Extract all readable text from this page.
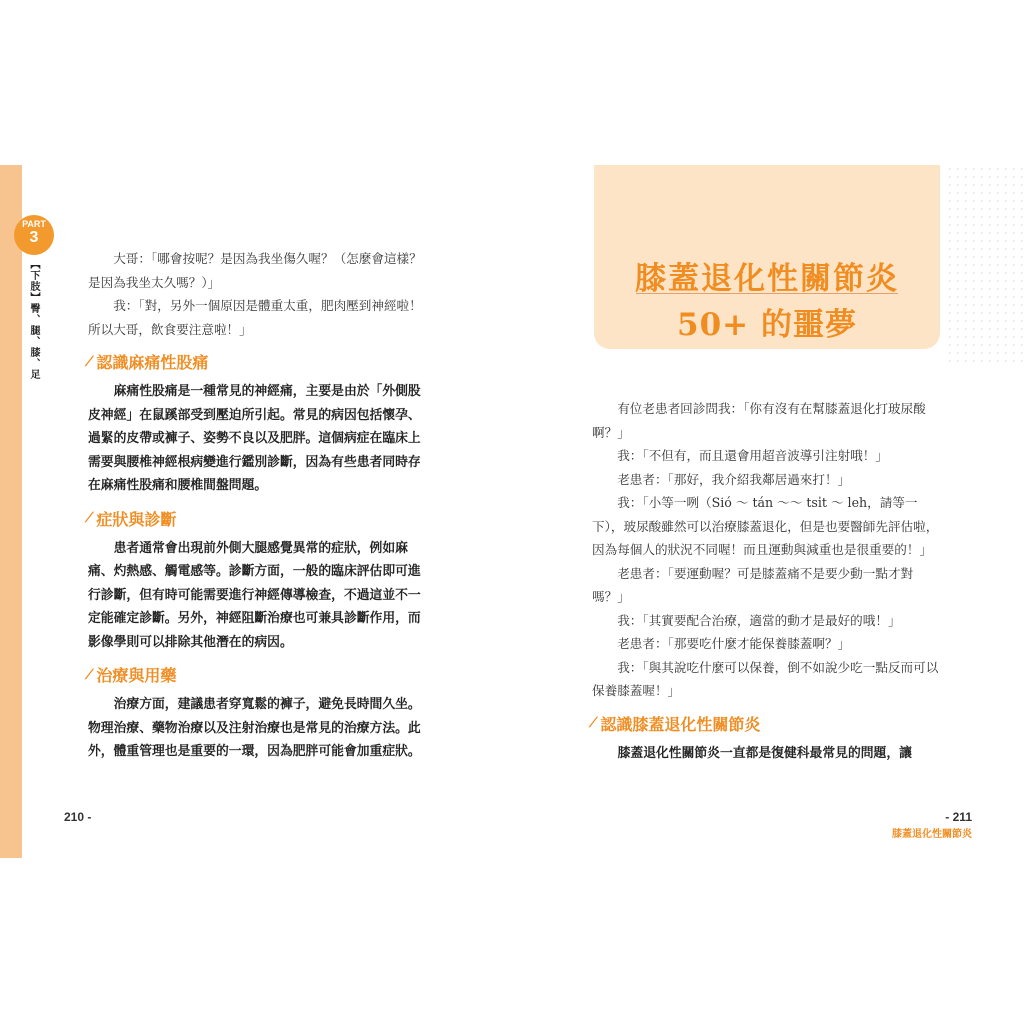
PART
3
【下肢】臀、腿、膝、足

大哥：「哪會按呢？是因為我坐傷久喔？（怎麼會這樣？是因為我坐太久嗎？）」

我：「對，另外一個原因是體重太重，肥肉壓到神經啦！所以大哥，飲食要注意啦！」

⁄ 認識麻痛性股痛

麻痛性股痛是一種常見的神經痛，主要是由於「外側股皮神經」在鼠蹊部受到壓迫所引起。常見的病因包括懷孕、過緊的皮帶或褲子、姿勢不良以及肥胖。這個病症在臨床上需要與腰椎神經根病變進行鑑別診斷，因為有些患者同時存在麻痛性股痛和腰椎間盤問題。

⁄ 症狀與診斷

患者通常會出現前外側大腿感覺異常的症狀，例如麻痛、灼熱感、觸電感等。診斷方面，一般的臨床評估即可進行診斷，但有時可能需要進行神經傳導檢查，不過這並不一定能確定診斷。另外，神經阻斷治療也可兼具診斷作用，而影像學則可以排除其他潛在的病因。

⁄ 治療與用藥

治療方面，建議患者穿寬鬆的褲子，避免長時間久坐。物理治療、藥物治療以及注射治療也是常見的治療方法。此外，體重管理也是重要的一環，因為肥胖可能會加重症狀。

210 -
膝蓋退化性關節炎
50+ 的噩夢

有位老患者回診問我：「你有沒有在幫膝蓋退化打玻尿酸啊？」

我：「不但有，而且還會用超音波導引注射哦！」

老患者：「那好，我介紹我鄰居過來打！」

我：「小等一咧（Sió ～ tán ～～ tsi̍t ～ leh，請等一下），玻尿酸雖然可以治療膝蓋退化，但是也要醫師先評估啦，因為每個人的狀況不同喔！而且運動與減重也是很重要的！」

老患者：「要運動喔？可是膝蓋痛不是要少動一點才對嗎？」

我：「其實要配合治療，適當的動才是最好的哦！」

老患者：「那要吃什麼才能保養膝蓋啊？」

我：「與其說吃什麼可以保養，倒不如說少吃一點反而可以保養膝蓋喔！」

⁄ 認識膝蓋退化性關節炎

膝蓋退化性關節炎一直都是復健科最常見的問題，讓

- 211
膝蓋退化性關節炎
